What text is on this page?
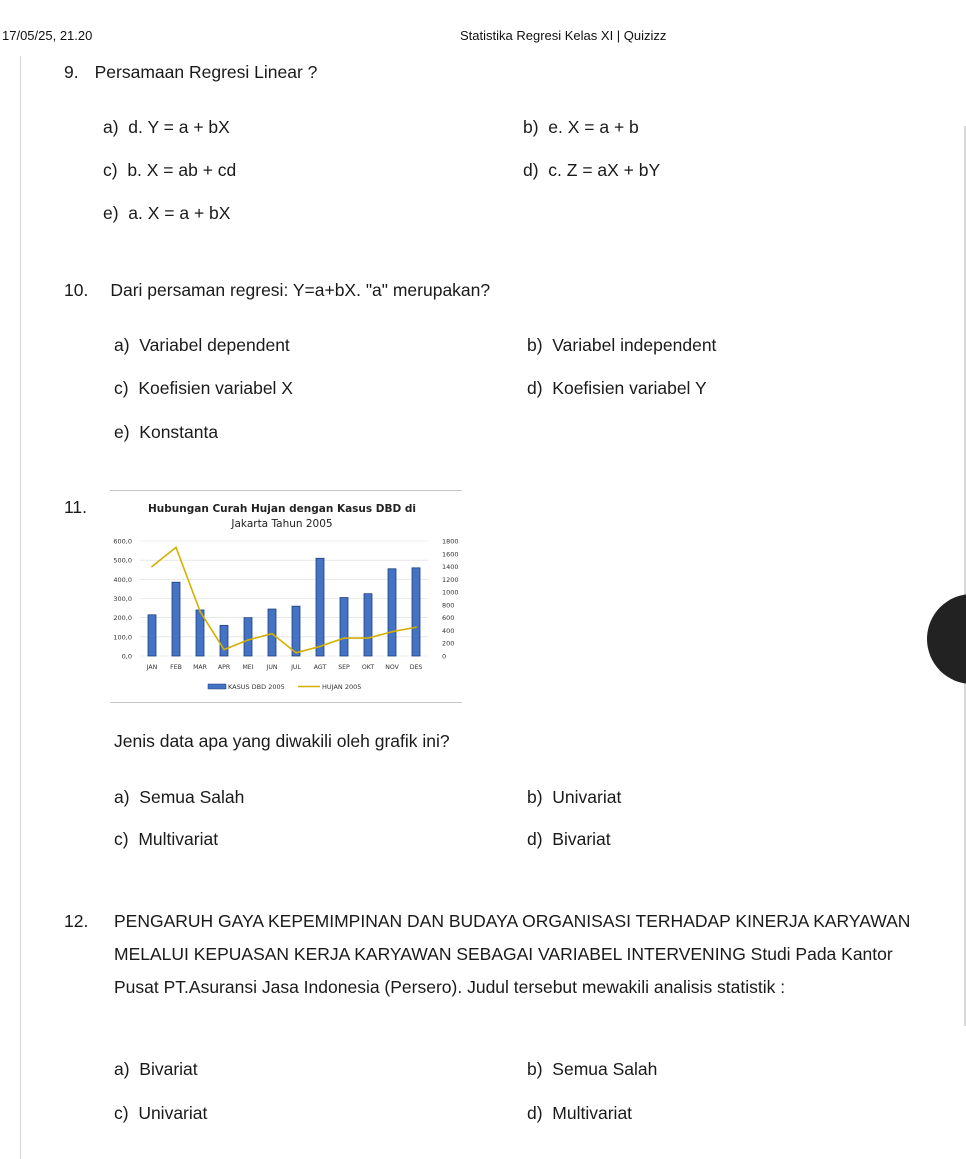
17/05/25, 21.20	Statistika Regresi Kelas XI | Quizizz
9. Persamaan Regresi Linear ?
a) d. Y = a + bX	b) e. X = a + b
c) b. X = ab + cd	d) c. Z = aX + bY
e) a. X = a + bX
10. Dari persaman regresi: Y=a+bX. "a" merupakan?
a) Variabel dependent	b) Variabel independent
c) Koefisien variabel X	d) Koefisien variabel Y
e) Konstanta
11.
600,0
500,0
400,0
300,0
200,0
100,0
0,0
1800
1600
1400
1200
1000
800
600
400
200
0
JAN FEB MAR APR MEI JUN JUL AGT SEP OKT NOV DES
Hubungan Curah Hujan dengan Kasus DBD di
Jakarta Tahun 2005
KASUS DBD 2005	HUJAN 2005
Jenis data apa yang diwakili oleh grafik ini?
a) Semua Salah	b) Univariat
c) Multivariat	d) Bivariat
12. PENGARUH GAYA KEPEMIMPINAN DAN BUDAYA ORGANISASI TERHADAP KINERJA KARYAWAN MELALUI KEPUASAN KERJA KARYAWAN SEBAGAI VARIABEL INTERVENING Studi Pada Kantor Pusat PT.Asuransi Jasa Indonesia (Persero). Judul tersebut mewakili analisis statistik :
a) Bivariat	b) Semua Salah
c) Univariat	d) Multivariat
